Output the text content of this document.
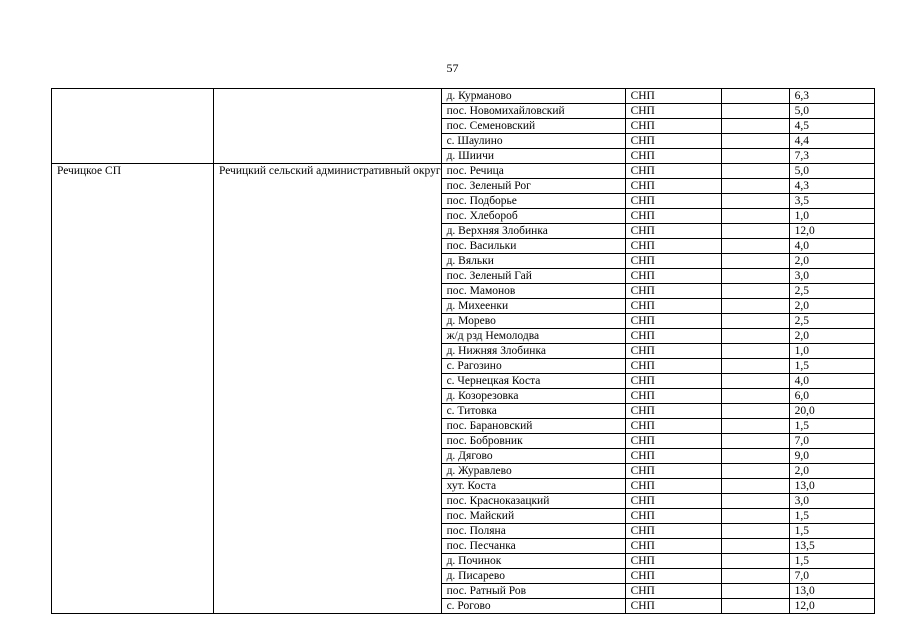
57
		д. Курманово	СНП		6,3
		пос. Новомихайловский	СНП		5,0
		пос. Семеновский	СНП		4,5
		с. Шаулино	СНП		4,4
		д. Шиичи	СНП		7,3
Речицкое СП	Речицкий сельский административный округ	пос. Речица	СНП		5,0
		пос. Зеленый Рог	СНП		4,3
		пос. Подборье	СНП		3,5
		пос. Хлебороб	СНП		1,0
		д. Верхняя Злобинка	СНП		12,0
		пос. Васильки	СНП		4,0
		д. Вяльки	СНП		2,0
		пос. Зеленый Гай	СНП		3,0
		пос. Мамонов	СНП		2,5
		д. Михеенки	СНП		2,0
		д. Морево	СНП		2,5
		ж/д рзд Немолодва	СНП		2,0
		д. Нижняя Злобинка	СНП		1,0
		с. Рагозино	СНП		1,5
		с. Чернецкая Коста	СНП		4,0
		д. Козорезовка	СНП		6,0
		с. Титовка	СНП		20,0
		пос. Барановский	СНП		1,5
		пос. Бобровник	СНП		7,0
		д. Дягово	СНП		9,0
		д. Журавлево	СНП		2,0
		хут. Коста	СНП		13,0
		пос. Краснoказацкий	СНП		3,0
		пос. Майский	СНП		1,5
		пос. Поляна	СНП		1,5
		пос. Песчанка	СНП		13,5
		д. Починок	СНП		1,5
		д. Писарево	СНП		7,0
		пос. Ратный Ров	СНП		13,0
		с. Рогово	СНП		12,0
